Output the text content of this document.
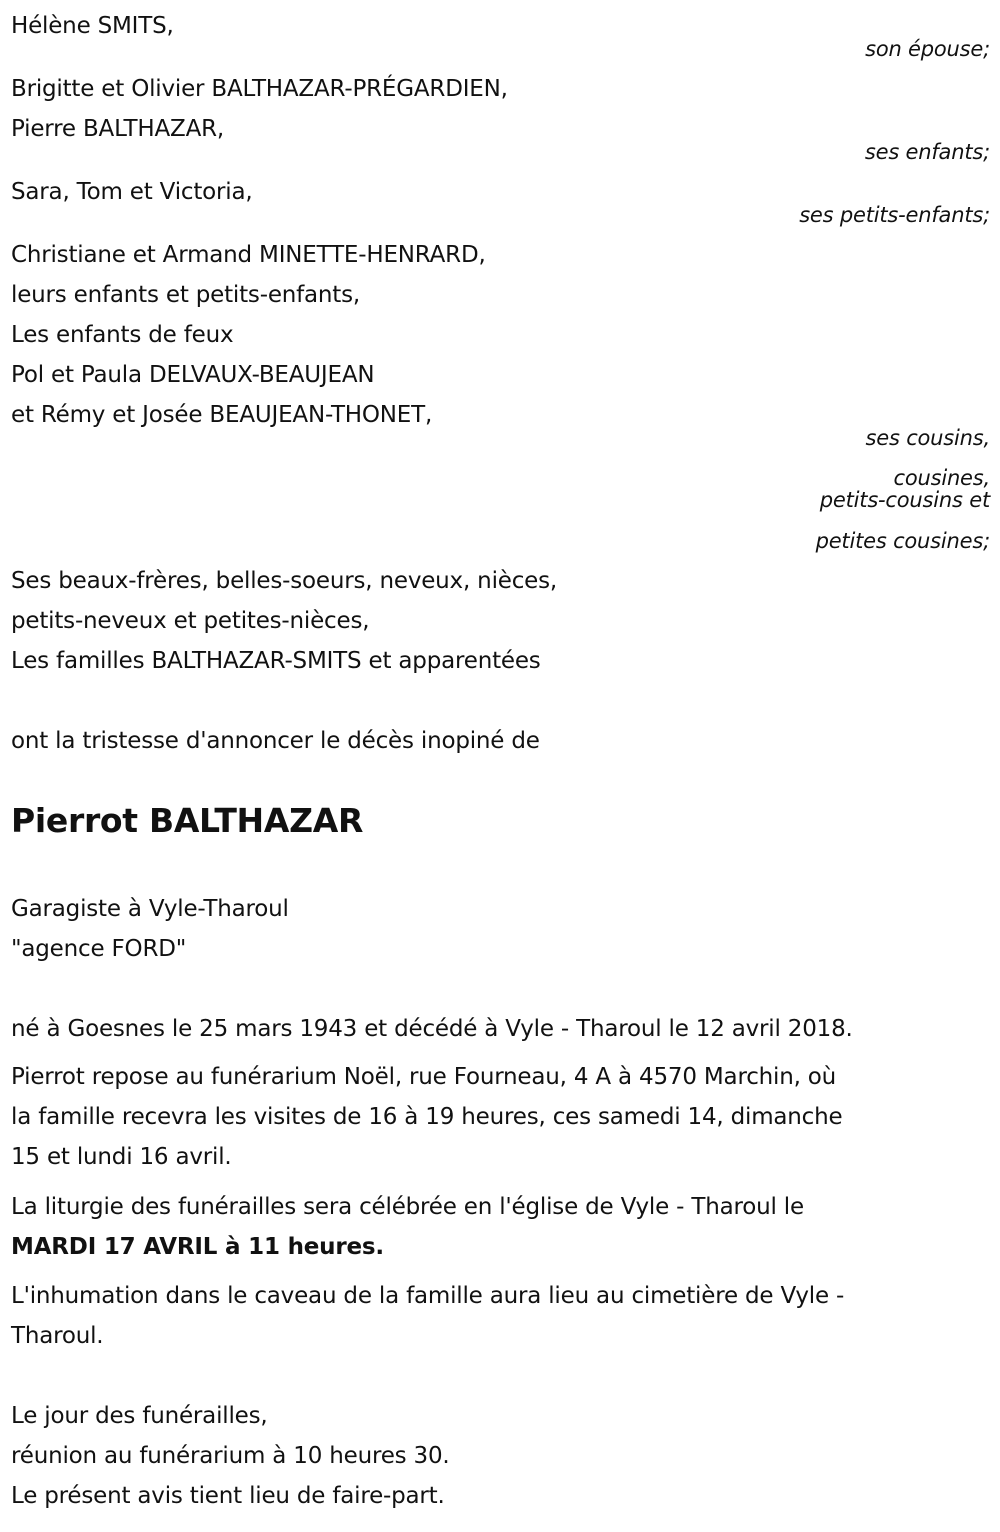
Hélène SMITS,
son épouse;
Brigitte et Olivier BALTHAZAR-PRÉGARDIEN,
Pierre BALTHAZAR,
ses enfants;
Sara, Tom et Victoria,
ses petits-enfants;
Christiane et Armand MINETTE-HENRARD,
leurs enfants et petits-enfants,
Les enfants de feux
Pol et Paula DELVAUX-BEAUJEAN
et Rémy et Josée BEAUJEAN-THONET,
ses cousins,
cousines,
petits-cousins et
petites cousines;
Ses beaux-frères, belles-soeurs, neveux, nièces,
petits-neveux et petites-nièces,
Les familles BALTHAZAR-SMITS et apparentées
ont la tristesse d'annoncer le décès inopiné de
Pierrot BALTHAZAR
Garagiste à Vyle-Tharoul
"agence FORD"
né à Goesnes le 25 mars 1943 et décédé à Vyle - Tharoul le 12 avril 2018.
Pierrot repose au funérarium Noël, rue Fourneau, 4 A à 4570 Marchin, où
la famille recevra les visites de 16 à 19 heures, ces samedi 14, dimanche
15 et lundi 16 avril.
La liturgie des funérailles sera célébrée en l'église de Vyle - Tharoul le
MARDI 17 AVRIL à 11 heures.
L'inhumation dans le caveau de la famille aura lieu au cimetière de Vyle -
Tharoul.
Le jour des funérailles,
réunion au funérarium à 10 heures 30.
Le présent avis tient lieu de faire-part.
